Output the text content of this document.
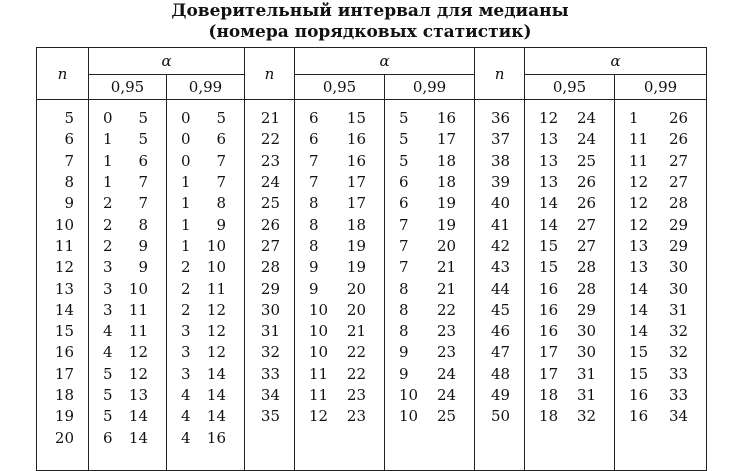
Доверительный интервал для медианы
(номера порядковых статистик)
n	α				n	α				n	α			
	0,95		0,99			0,95		0,99			0,95		0,99	

5	0	5	0	5	21	6	15	5	16	36	12	24	1	26
6	1	5	0	6	22	6	16	5	17	37	13	24	11	26
7	1	6	0	7	23	7	16	5	18	38	13	25	11	27
8	1	7	1	7	24	7	17	6	18	39	13	26	12	27
9	2	7	1	8	25	8	17	6	19	40	14	26	12	28
10	2	8	1	9	26	8	18	7	19	41	14	27	12	29
11	2	9	1	10	27	8	19	7	20	42	15	27	13	29
12	3	9	2	10	28	9	19	7	21	43	15	28	13	30
13	3	10	2	11	29	9	20	8	21	44	16	28	14	30
14	3	11	2	12	30	10	20	8	22	45	16	29	14	31
15	4	11	3	12	31	10	21	8	23	46	16	30	14	32
16	4	12	3	12	32	10	22	9	23	47	17	30	15	32
17	5	12	3	14	33	11	22	9	24	48	17	31	15	33
18	5	13	4	14	34	11	23	10	24	49	18	31	16	33
19	5	14	4	14	35	12	23	10	25	50	18	32	16	34
20	6	14	4	16										
